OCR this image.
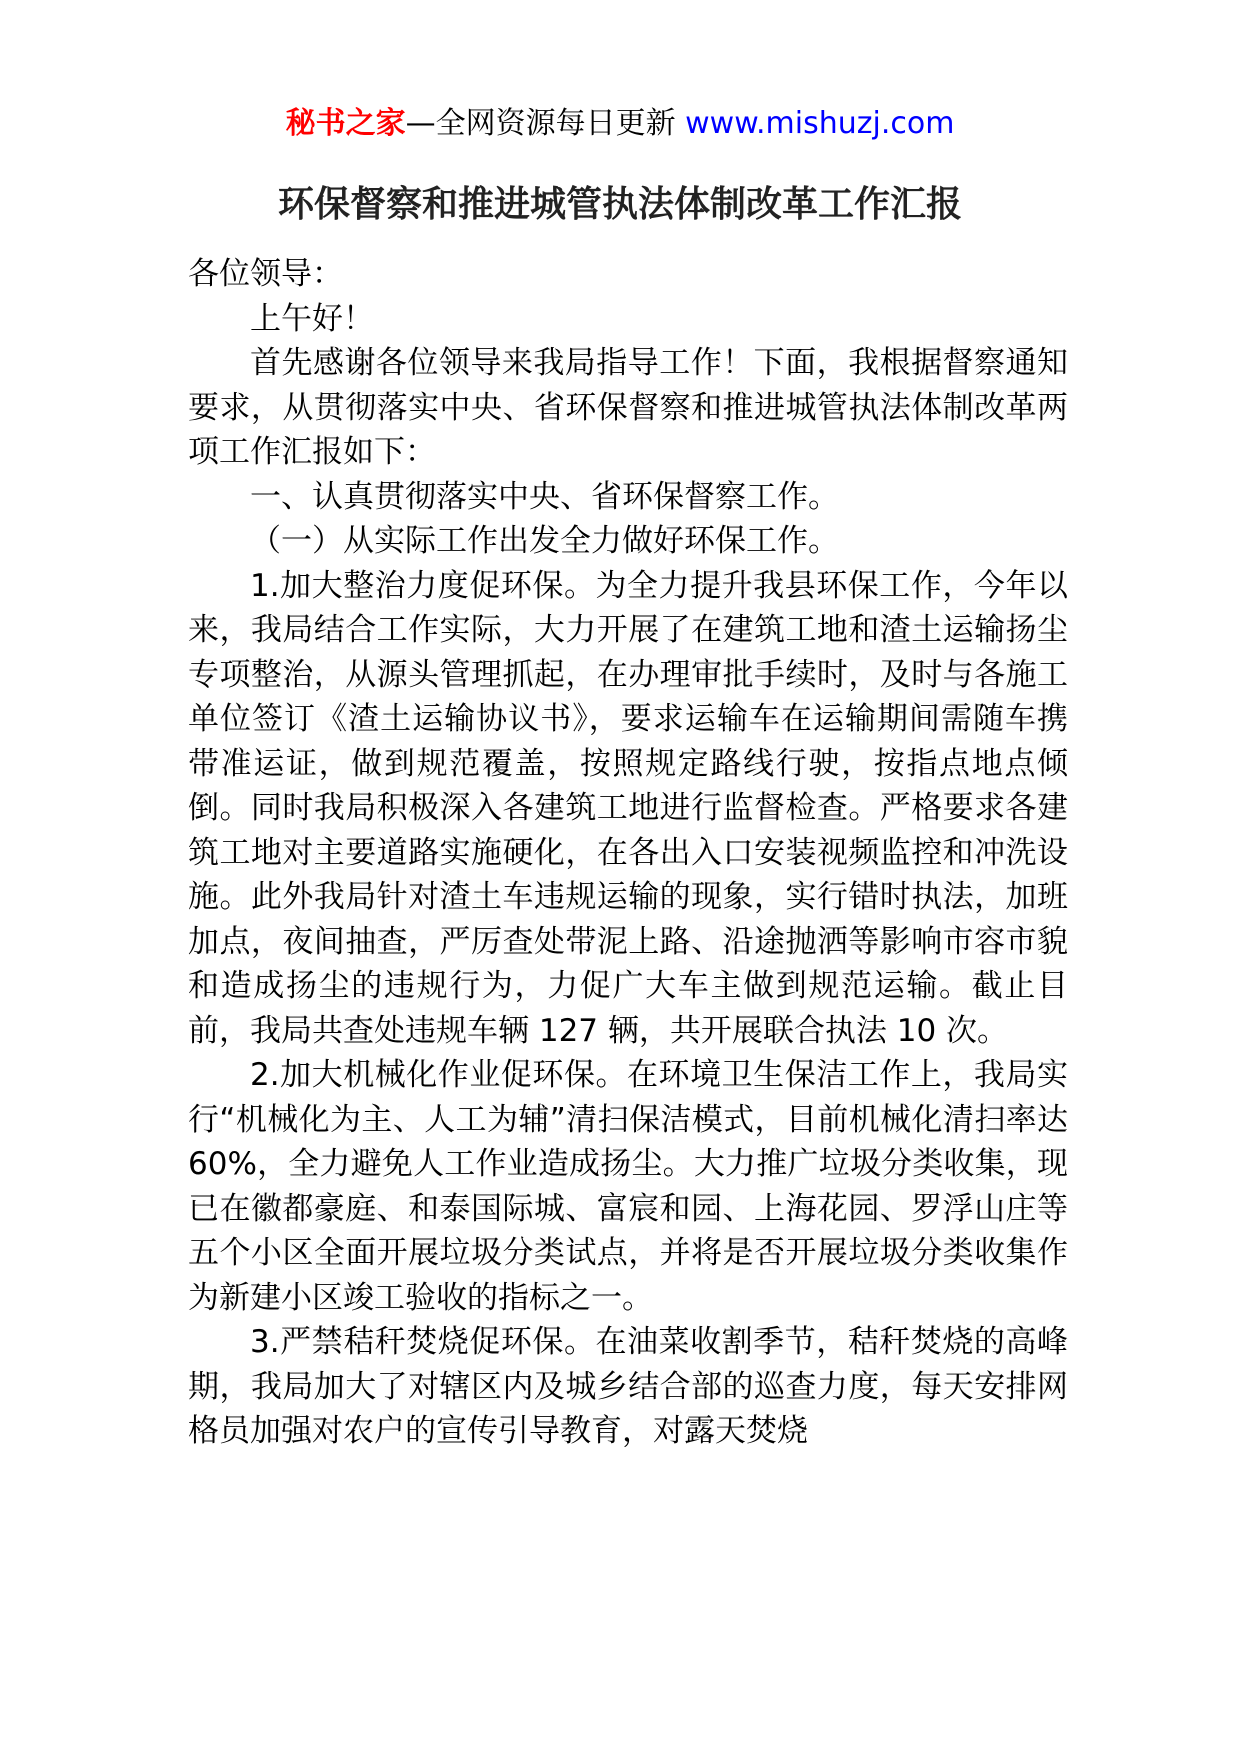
秘书之家—全网资源每日更新 www.mishuzj.com
环保督察和推进城管执法体制改革工作汇报

各位领导：

上午好！

首先感谢各位领导来我局指导工作！下面，我根据督察通知要求，从贯彻落实中央、省环保督察和推进城管执法体制改革两项工作汇报如下：

一、认真贯彻落实中央、省环保督察工作。

（一）从实际工作出发全力做好环保工作。

1.加大整治力度促环保。为全力提升我县环保工作，今年以来，我局结合工作实际，大力开展了在建筑工地和渣土运输扬尘专项整治，从源头管理抓起，在办理审批手续时，及时与各施工单位签订《渣土运输协议书》，要求运输车在运输期间需随车携带准运证，做到规范覆盖，按照规定路线行驶，按指点地点倾倒。同时我局积极深入各建筑工地进行监督检查。严格要求各建筑工地对主要道路实施硬化，在各出入口安装视频监控和冲洗设施。此外我局针对渣土车违规运输的现象，实行错时执法，加班加点，夜间抽查，严厉查处带泥上路、沿途抛洒等影响市容市貌和造成扬尘的违规行为，力促广大车主做到规范运输。截止目前，我局共查处违规车辆 127 辆，共开展联合执法 10 次。

2.加大机械化作业促环保。在环境卫生保洁工作上，我局实行“机械化为主、人工为辅”清扫保洁模式，目前机械化清扫率达 60%，全力避免人工作业造成扬尘。大力推广垃圾分类收集，现已在徽都豪庭、和泰国际城、富宸和园、上海花园、罗浮山庄等五个小区全面开展垃圾分类试点，并将是否开展垃圾分类收集作为新建小区竣工验收的指标之一。

3.严禁秸秆焚烧促环保。在油菜收割季节，秸秆焚烧的高峰期，我局加大了对辖区内及城乡结合部的巡查力度，每天安排网格员加强对农户的宣传引导教育，对露天焚烧
